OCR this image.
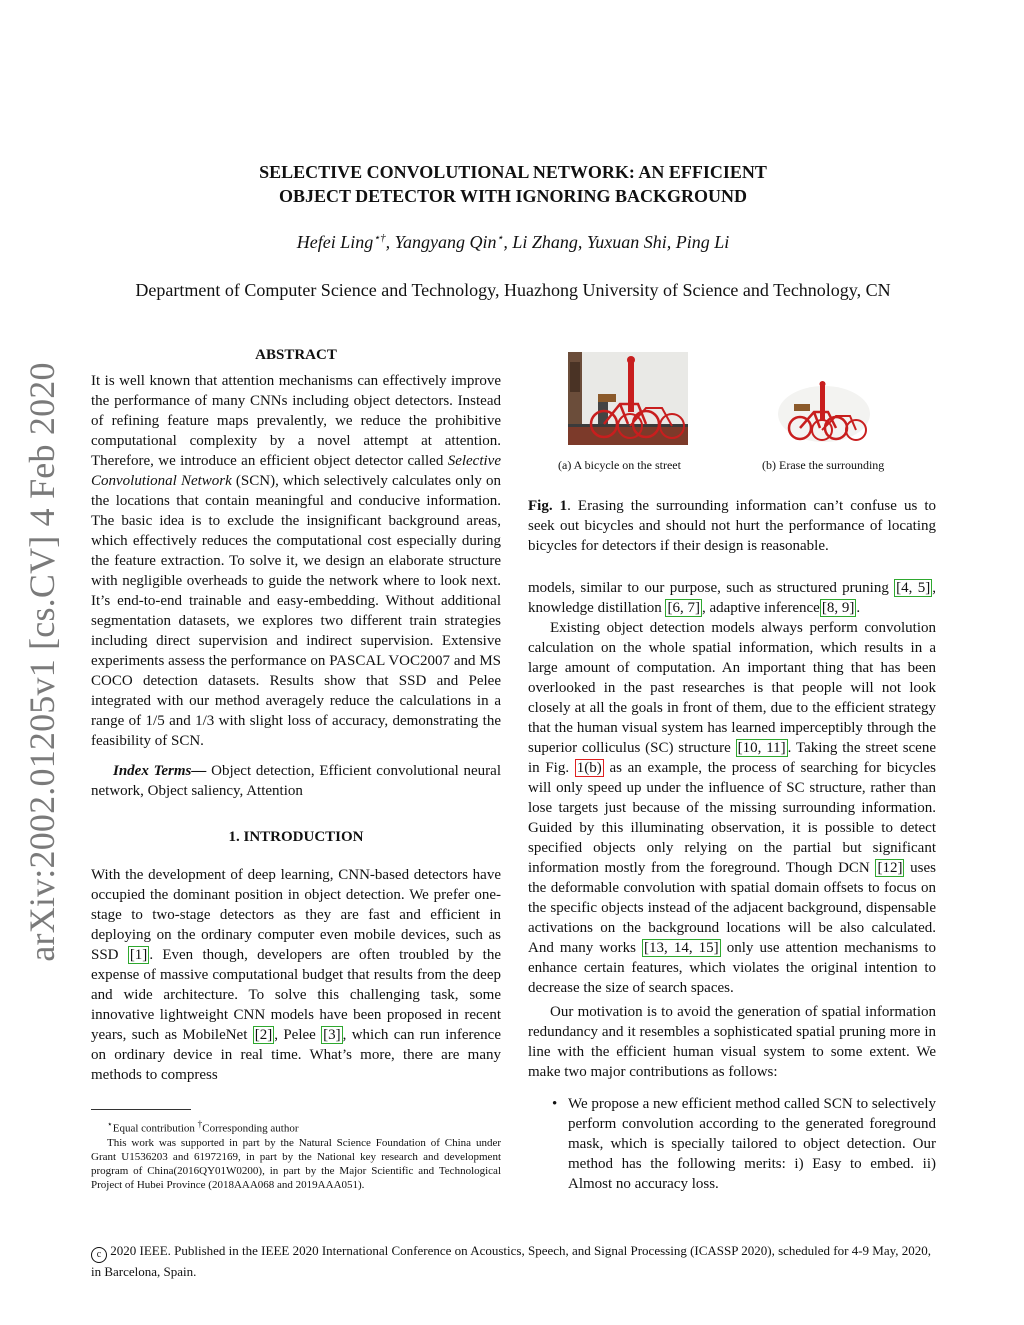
arXiv:2002.01205v1 [cs.CV] 4 Feb 2020
SELECTIVE CONVOLUTIONAL NETWORK: AN EFFICIENT
OBJECT DETECTOR WITH IGNORING BACKGROUND
Hefei Ling⋆†, Yangyang Qin⋆, Li Zhang, Yuxuan Shi, Ping Li
Department of Computer Science and Technology, Huazhong University of Science and Technology, CN
ABSTRACT

It is well known that attention mechanisms can effectively improve the performance of many CNNs including object detectors. Instead of refining feature maps prevalently, we reduce the prohibitive computational complexity by a novel attempt at attention. Therefore, we introduce an efficient object detector called Selective Convolutional Network (SCN), which selectively calculates only on the locations that contain meaningful and conducive information. The basic idea is to exclude the insignificant background areas, which effectively reduces the computational cost especially during the feature extraction. To solve it, we design an elaborate structure with negligible overheads to guide the network where to look next. It’s end-to-end trainable and easy-embedding. Without additional segmentation datasets, we explores two different train strategies including direct supervision and indirect supervision. Extensive experiments assess the performance on PASCAL VOC2007 and MS COCO detection datasets. Results show that SSD and Pelee integrated with our method averagely reduce the calculations in a range of 1/5 and 1/3 with slight loss of accuracy, demonstrating the feasibility of SCN.

Index Terms— Object detection, Efficient convolutional neural network, Object saliency, Attention

1. INTRODUCTION

With the development of deep learning, CNN-based detectors have occupied the dominant position in object detection. We prefer one-stage to two-stage detectors as they are fast and efficient in deploying on the ordinary computer even mobile devices, such as SSD [1] . Even though, developers are often troubled by the expense of massive computational budget that results from the deep and wide architecture. To solve this challenging task, some innovative lightweight CNN models have been proposed in recent years, such as MobileNet [2] , Pelee [3] , which can run inference on ordinary device in real time. What’s more, there are many methods to compress

⋆Equal contribution †Corresponding author
This work was supported in part by the Natural Science Foundation of China under Grant U1536203 and 61972169, in part by the National key research and development program of China(2016QY01W0200), in part by the Major Scientific and Technological Project of Hubei Province (2018AAA068 and 2019AAA051).
(a) A bicycle on the street	(b) Erase the surrounding
Fig. 1. Erasing the surrounding information can’t confuse us to seek out bicycles and should not hurt the performance of locating bicycles for detectors if their design is reasonable.

models, similar to our purpose, such as structured pruning [4, 5] , knowledge distillation [6, 7] , adaptive inference [8, 9] .

Existing object detection models always perform convolution calculation on the whole spatial information, which results in a large amount of computation. An important thing that has been overlooked in the past researches is that people will not look closely at all the goals in front of them, due to the efficient strategy that the human visual system has learned imperceptibly through the superior colliculus (SC) structure [10, 11] . Taking the street scene in Fig. 1(b) as an example, the process of searching for bicycles will only speed up under the influence of SC structure, rather than lose targets just because of the missing surrounding information. Guided by this illuminating observation, it is possible to detect specified objects only relying on the partial but significant information mostly from the foreground. Though DCN [12] uses the deformable convolution with spatial domain offsets to focus on the specific objects instead of the adjacent background, dispensable activations on the background locations will be also calculated. And many works [13, 14, 15] only use attention mechanisms to enhance certain features, which violates the original intention to decrease the size of search spaces.

Our motivation is to avoid the generation of spatial information redundancy and it resembles a sophisticated spatial pruning more in line with the efficient human visual system to some extent. We make two major contributions as follows:

• We propose a new efficient method called SCN to selectively perform convolution according to the generated foreground mask, which is specially tailored to object detection. Our method has the following merits: i) Easy to embed. ii) Almost no accuracy loss.
c 2020 IEEE. Published in the IEEE 2020 International Conference on Acoustics, Speech, and Signal Processing (ICASSP 2020), scheduled for 4-9 May, 2020, in Barcelona, Spain.
